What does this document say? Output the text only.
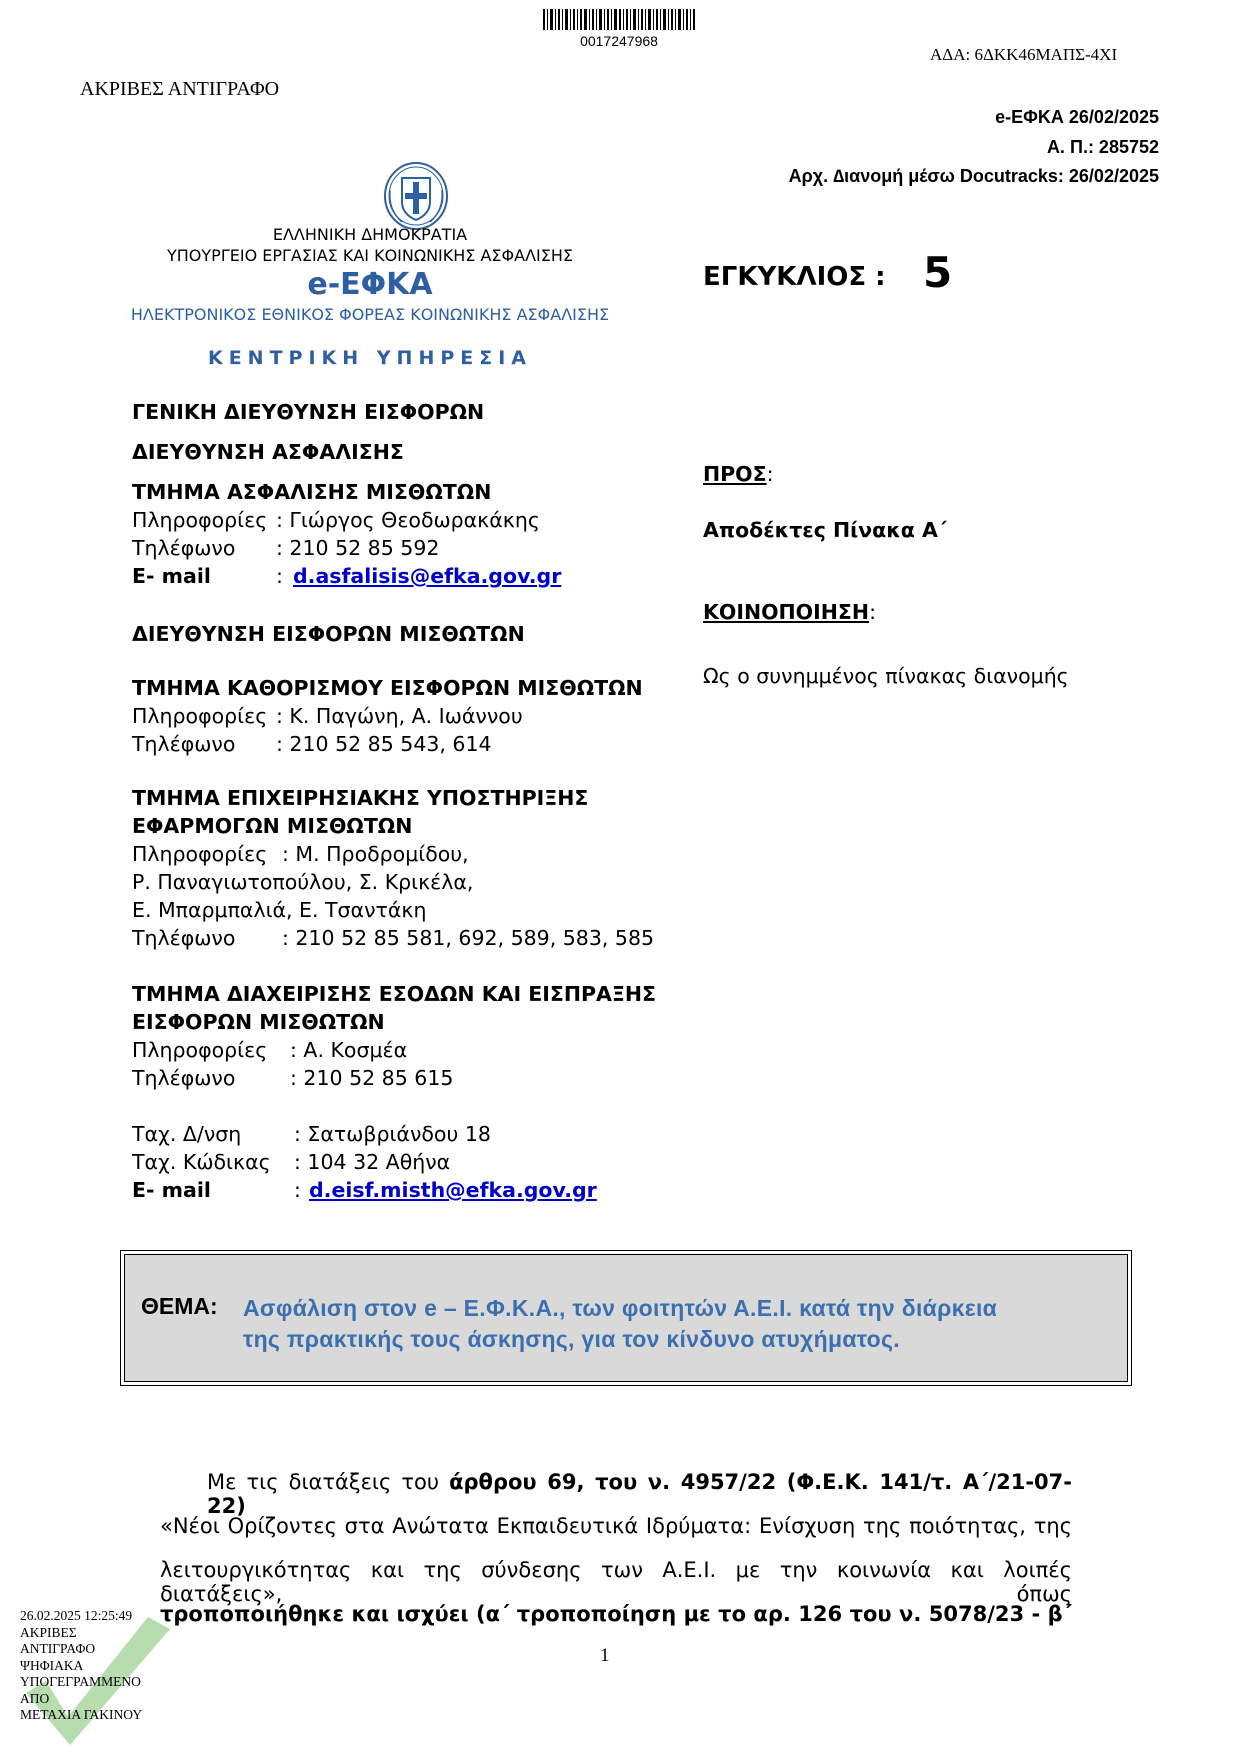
0017247968
ΑΔΑ: 6ΔΚΚ46ΜΑΠΣ-4ΧΙ
ΑΚΡΙΒΕΣ ΑΝΤΙΓΡΑΦΟ
e-ΕΦΚΑ 26/02/2025
Α. Π.: 285752
Αρχ. ∆ιανομή μέσω Docutracks: 26/02/2025
ΕΛΛΗΝΙΚΗ ΔΗΜΟΚΡΑΤΙΑ
ΥΠΟΥΡΓΕΙΟ ΕΡΓΑΣΙΑΣ ΚΑΙ ΚΟΙΝΩΝΙΚΗΣ ΑΣΦΑΛΙΣΗΣ
e-ΕΦΚΑ
ΗΛΕΚΤΡΟΝΙΚΟΣ ΕΘΝΙΚΟΣ ΦΟΡΕΑΣ ΚΟΙΝΩΝΙΚΗΣ ΑΣΦΑΛΙΣΗΣ
ΚΕΝΤΡΙΚΗ ΥΠΗΡΕΣΙΑ
ΕΓΚΥΚΛΙΟΣ : 5
ΓΕΝΙΚΗ ΔΙΕΥΘΥΝΣΗ ΕΙΣΦΟΡΩΝ
ΔΙΕΥΘΥΝΣΗ ΑΣΦΑΛΙΣΗΣ
ΤΜΗΜΑ ΑΣΦΑΛΙΣΗΣ ΜΙΣΘΩΤΩΝ
Πληροφορίες : Γιώργος Θεοδωρακάκης
Τηλέφωνο : 210 52 85 592
E- mail	: d.asfalisis@efka.gov.gr
ΔΙΕΥΘΥΝΣΗ ΕΙΣΦΟΡΩΝ ΜΙΣΘΩΤΩΝ
ΤΜΗΜΑ ΚΑΘΟΡΙΣΜΟΥ ΕΙΣΦΟΡΩΝ ΜΙΣΘΩΤΩΝ
Πληροφορίες : Κ. Παγώνη, Α. Ιωάννου
Τηλέφωνο : 210 52 85 543, 614
ΤΜΗΜΑ ΕΠΙΧΕΙΡΗΣΙΑΚΗΣ ΥΠΟΣΤΗΡΙΞΗΣ
ΕΦΑΡΜΟΓΩΝ ΜΙΣΘΩΤΩΝ
Πληροφορίες : Μ. Προδρομίδου,
Ρ. Παναγιωτοπούλου, Σ. Κρικέλα,
Ε. Μπαρμπαλιά, Ε. Τσαντάκη
Τηλέφωνο : 210 52 85 581, 692, 589, 583, 585
ΤΜΗΜΑ ΔΙΑΧΕΙΡΙΣΗΣ ΕΣΟΔΩΝ ΚΑΙ ΕΙΣΠΡΑΞΗΣ
ΕΙΣΦΟΡΩΝ ΜΙΣΘΩΤΩΝ
Πληροφορίες : Α. Κοσμέα
Τηλέφωνο	: 210 52 85 615
Ταχ. Δ/νση	: Σατωβριάνδου 18
Ταχ. Κώδικας : 104 32 Αθήνα
E- mail	: d.eisf.misth@efka.gov.gr
ΠΡΟΣ:
Αποδέκτες Πίνακα Α΄
ΚΟΙΝΟΠΟΙΗΣΗ:
Ως ο συνημμένος πίνακας διανομής
ΘΕΜΑ: Ασφάλιση στον e – Ε.Φ.Κ.Α., των φοιτητών Α.Ε.Ι. κατά την διάρκεια
της πρακτικής τους άσκησης, για τον κίνδυνο ατυχήματος.
Με τις διατάξεις του άρθρου 69, του ν. 4957/22 (Φ.Ε.Κ. 141/τ. Α΄/21-07-22)
«Νέοι Ορίζοντες στα Ανώτατα Εκπαιδευτικά Ιδρύματα: Ενίσχυση της ποιότητας, της
λειτουργικότητας και της σύνδεσης των Α.Ε.Ι. με την κοινωνία και λοιπές διατάξεις», όπως
τροποποιήθηκε και ισχύει (α΄ τροποποίηση με το αρ. 126 του ν. 5078/23 - β΄
1
26.02.2025 12:25:49
ΑΚΡΙΒΕΣ
ΑΝΤΙΓΡΑΦΟ
ΨΗΦΙΑΚΑ
ΥΠΟΓΕΓΡΑΜΜΕΝΟ
ΑΠΟ
ΜΕΤΑΧΙΑ ΓΑΚΙΝΟΥ
